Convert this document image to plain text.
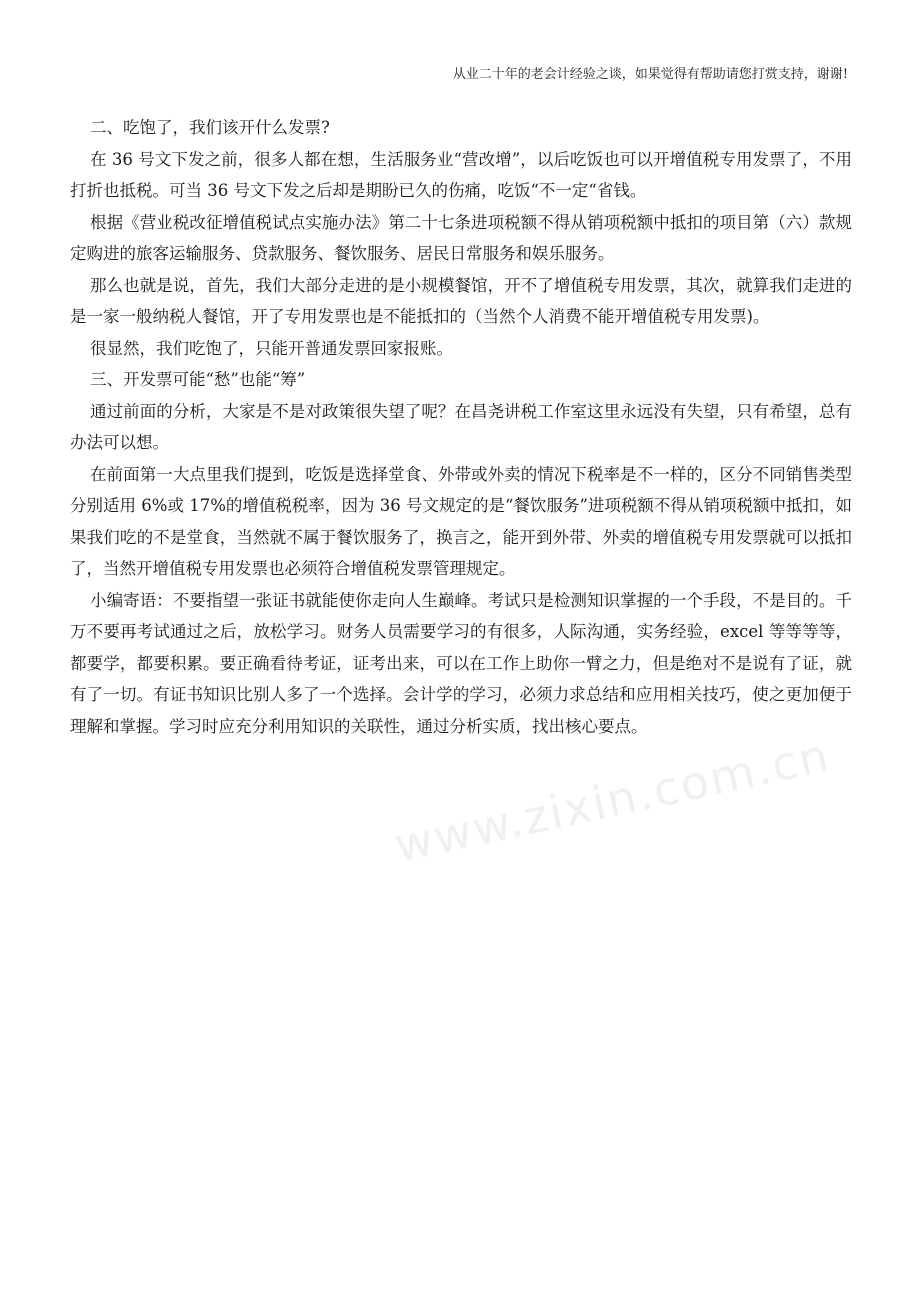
从业二十年的老会计经验之谈，如果觉得有帮助请您打赏支持，谢谢!

二、吃饱了，我们该开什么发票?

在 36 号文下发之前，很多人都在想，生活服务业“营改增”，以后吃饭也可以开增值税专用发票了，不用打折也抵税。可当 36 号文下发之后却是期盼已久的伤痛，吃饭“不一定“省钱。

根据《营业税改征增值税试点实施办法》第二十七条进项税额不得从销项税额中抵扣的项目第（六）款规定购进的旅客运输服务、贷款服务、餐饮服务、居民日常服务和娱乐服务。

那么也就是说，首先，我们大部分走进的是小规模餐馆，开不了增值税专用发票，其次，就算我们走进的是一家一般纳税人餐馆，开了专用发票也是不能抵扣的（当然个人消费不能开增值税专用发票)。

很显然，我们吃饱了，只能开普通发票回家报账。

三、开发票可能“愁”也能“筹”

通过前面的分析，大家是不是对政策很失望了呢？在昌尧讲税工作室这里永远没有失望，只有希望，总有办法可以想。

在前面第一大点里我们提到，吃饭是选择堂食、外带或外卖的情况下税率是不一样的，区分不同销售类型分别适用 6%或 17%的增值税税率，因为 36 号文规定的是“餐饮服务”进项税额不得从销项税额中抵扣，如果我们吃的不是堂食，当然就不属于餐饮服务了，换言之，能开到外带、外卖的增值税专用发票就可以抵扣了，当然开增值税专用发票也必须符合增值税发票管理规定。

小编寄语：不要指望一张证书就能使你走向人生巅峰。考试只是检测知识掌握的一个手段，不是目的。千万不要再考试通过之后，放松学习。财务人员需要学习的有很多，人际沟通，实务经验，excel 等等等等，都要学，都要积累。要正确看待考证，证考出来，可以在工作上助你一臂之力，但是绝对不是说有了证，就有了一切。有证书知识比别人多了一个选择。会计学的学习，必须力求总结和应用相关技巧，使之更加便于理解和掌握。学习时应充分利用知识的关联性，通过分析实质，找出核心要点。

www.zixin.com.cn
